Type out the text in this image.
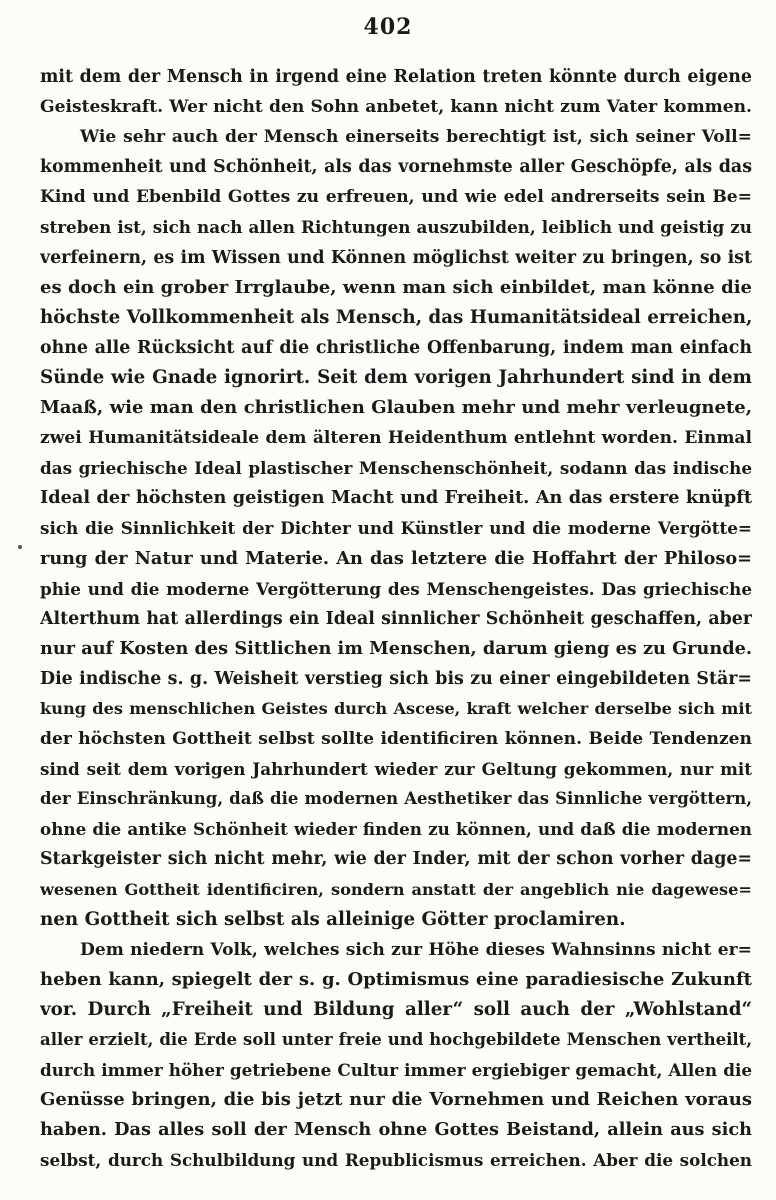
402
mit dem der Mensch in irgend eine Relation treten könnte durch eigene
Geisteskraft. Wer nicht den Sohn anbetet, kann nicht zum Vater kommen.
Wie sehr auch der Mensch einerseits berechtigt ist, sich seiner Voll=
kommenheit und Schönheit, als das vornehmste aller Geschöpfe, als das
Kind und Ebenbild Gottes zu erfreuen, und wie edel andrerseits sein Be=
streben ist, sich nach allen Richtungen auszubilden, leiblich und geistig zu
verfeinern, es im Wissen und Können möglichst weiter zu bringen, so ist
es doch ein grober Irrglaube, wenn man sich einbildet, man könne die
höchste Vollkommenheit als Mensch, das Humanitätsideal erreichen,
ohne alle Rücksicht auf die christliche Offenbarung, indem man einfach
Sünde wie Gnade ignorirt. Seit dem vorigen Jahrhundert sind in dem
Maaß, wie man den christlichen Glauben mehr und mehr verleugnete,
zwei Humanitätsideale dem älteren Heidenthum entlehnt worden. Einmal
das griechische Ideal plastischer Menschenschönheit, sodann das indische
Ideal der höchsten geistigen Macht und Freiheit. An das erstere knüpft
sich die Sinnlichkeit der Dichter und Künstler und die moderne Vergötte=
rung der Natur und Materie. An das letztere die Hoffahrt der Philoso=
phie und die moderne Vergötterung des Menschengeistes. Das griechische
Alterthum hat allerdings ein Ideal sinnlicher Schönheit geschaffen, aber
nur auf Kosten des Sittlichen im Menschen, darum gieng es zu Grunde.
Die indische s. g. Weisheit verstieg sich bis zu einer eingebildeten Stär=
kung des menschlichen Geistes durch Ascese, kraft welcher derselbe sich mit
der höchsten Gottheit selbst sollte identificiren können. Beide Tendenzen
sind seit dem vorigen Jahrhundert wieder zur Geltung gekommen, nur mit
der Einschränkung, daß die modernen Aesthetiker das Sinnliche vergöttern,
ohne die antike Schönheit wieder finden zu können, und daß die modernen
Starkgeister sich nicht mehr, wie der Inder, mit der schon vorher dage=
wesenen Gottheit identificiren, sondern anstatt der angeblich nie dagewese=
nen Gottheit sich selbst als alleinige Götter proclamiren.
Dem niedern Volk, welches sich zur Höhe dieses Wahnsinns nicht er=
heben kann, spiegelt der s. g. Optimismus eine paradiesische Zukunft
vor. Durch „Freiheit und Bildung aller“ soll auch der „Wohlstand“
aller erzielt, die Erde soll unter freie und hochgebildete Menschen vertheilt,
durch immer höher getriebene Cultur immer ergiebiger gemacht, Allen die
Genüsse bringen, die bis jetzt nur die Vornehmen und Reichen voraus
haben. Das alles soll der Mensch ohne Gottes Beistand, allein aus sich
selbst, durch Schulbildung und Republicismus erreichen. Aber die solchen
